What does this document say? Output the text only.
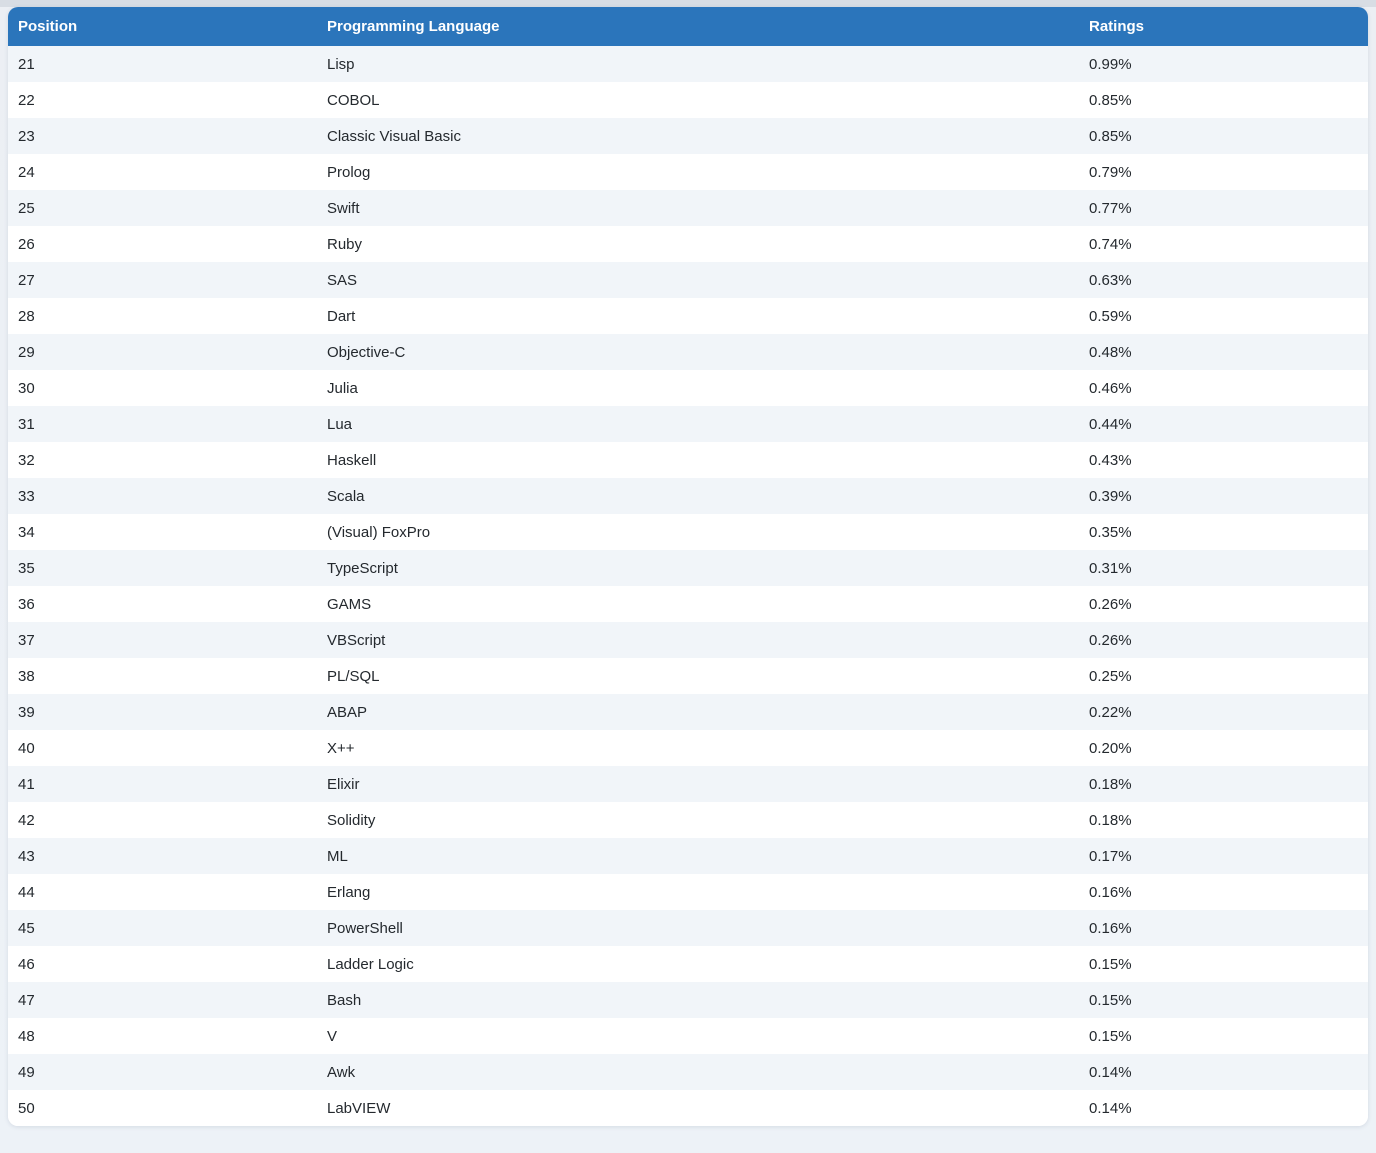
Position	Programming Language	Ratings
21	Lisp	0.99%
22	COBOL	0.85%
23	Classic Visual Basic	0.85%
24	Prolog	0.79%
25	Swift	0.77%
26	Ruby	0.74%
27	SAS	0.63%
28	Dart	0.59%
29	Objective-C	0.48%
30	Julia	0.46%
31	Lua	0.44%
32	Haskell	0.43%
33	Scala	0.39%
34	(Visual) FoxPro	0.35%
35	TypeScript	0.31%
36	GAMS	0.26%
37	VBScript	0.26%
38	PL/SQL	0.25%
39	ABAP	0.22%
40	X++	0.20%
41	Elixir	0.18%
42	Solidity	0.18%
43	ML	0.17%
44	Erlang	0.16%
45	PowerShell	0.16%
46	Ladder Logic	0.15%
47	Bash	0.15%
48	V	0.15%
49	Awk	0.14%
50	LabVIEW	0.14%
